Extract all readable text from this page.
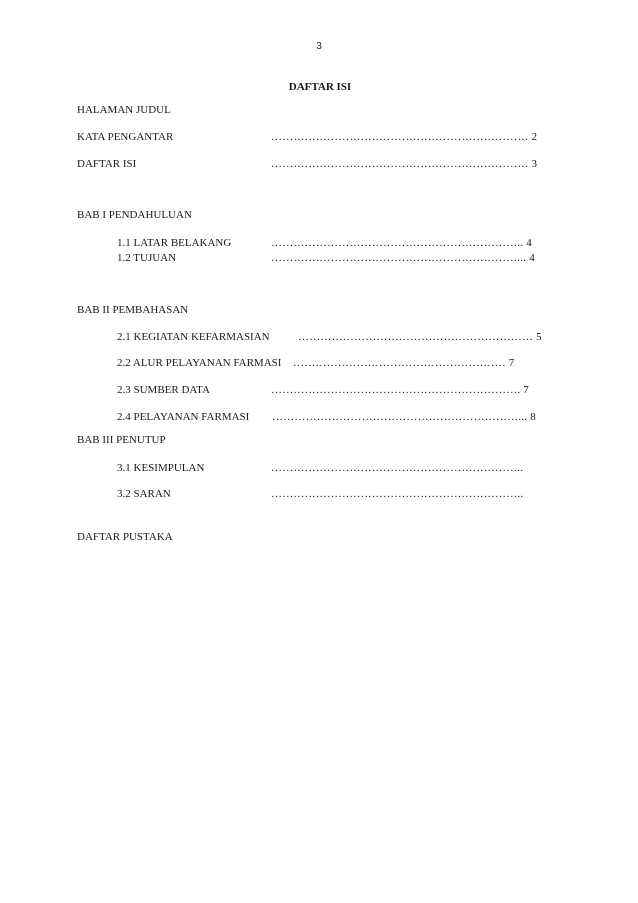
3
DAFTAR ISI
HALAMAN JUDUL
KATA PENGANTAR	…………………………………………………………… 2
DAFTAR ISI	…………………………………………………………… 3
BAB I PENDAHULUAN
1.1 LATAR BELAKANG	………………………………………………………….. 4
1.2 TUJUAN	…………………………………………………………... 4
BAB II PEMBAHASAN
2.1 KEGIATAN KEFARMASIAN	……………………………………………………… 5
2.2 ALUR PELAYANAN FARMASI ………………………………………………… 7
2.3 SUMBER DATA	…………………………………………………………. 7
2.4 PELAYANAN FARMASI …………………………………………………………... 8
BAB III PENUTUP
3.1 KESIMPULAN	…………………………………………………………..
3.2 SARAN	…………………………………………………………..
DAFTAR PUSTAKA
